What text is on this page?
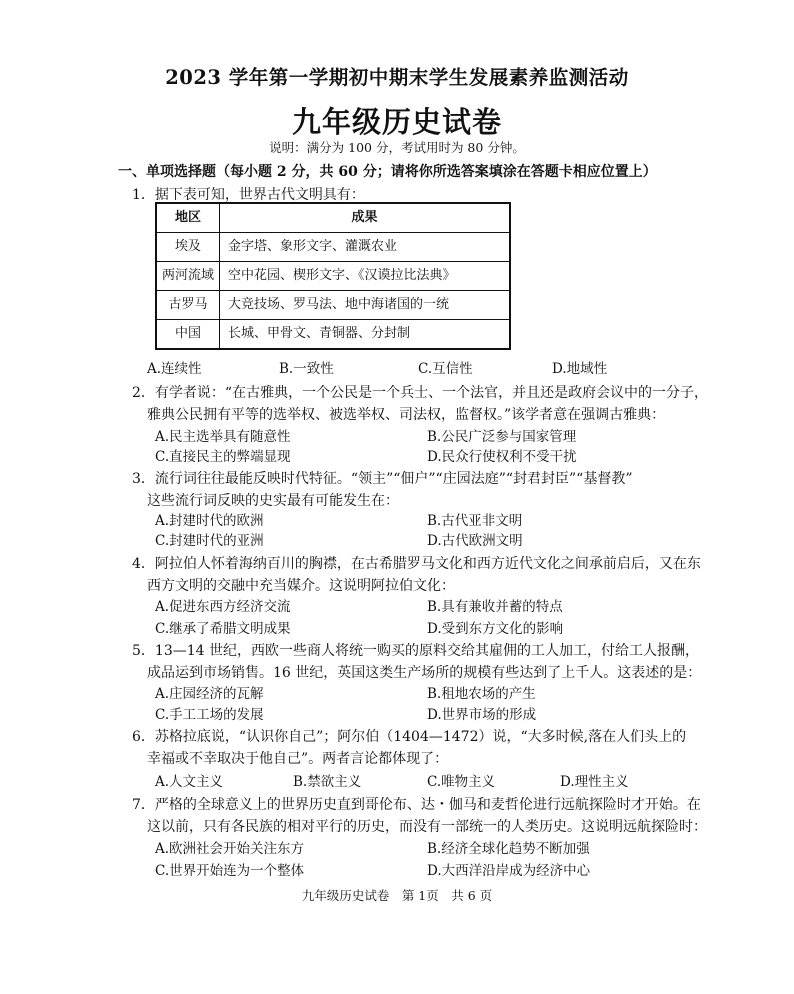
2023 学年第一学期初中期末学生发展素养监测活动
九年级历史试卷
说明：满分为 100 分，考试用时为 80 分钟。
一、单项选择题（每小题 2 分，共 60 分；请将你所选答案填涂在答题卡相应位置上）
1．据下表可知，世界古代文明具有：
地区	成果
埃及	金字塔、象形文字、灌溉农业
两河流域	空中花园、楔形文字、《汉谟拉比法典》
古罗马	大竞技场、罗马法、地中海诸国的一统
中国	长城、甲骨文、青铜器、分封制
A.连续性	B.一致性	C.互信性	D.地域性
2．有学者说：“在古雅典，一个公民是一个兵士、一个法官，并且还是政府会议中的一分子，
雅典公民拥有平等的选举权、被选举权、司法权，监督权。”该学者意在强调古雅典：
A.民主选举具有随意性	B.公民广泛参与国家管理
C.直接民主的弊端显现	D.民众行使权利不受干扰
3．流行词往往最能反映时代特征。“领主”“佃户”“庄园法庭”“封君封臣”“基督教”
这些流行词反映的史实最有可能发生在：
A.封建时代的欧洲	B.古代亚非文明
C.封建时代的亚洲	D.古代欧洲文明
4．阿拉伯人怀着海纳百川的胸襟，在古希腊罗马文化和西方近代文化之间承前启后，又在东
西方文明的交融中充当媒介。这说明阿拉伯文化：
A.促进东西方经济交流	B.具有兼收并蓄的特点
C.继承了希腊文明成果	D.受到东方文化的影响
5．13—14 世纪，西欧一些商人将统一购买的原料交给其雇佣的工人加工，付给工人报酬，
成品运到市场销售。16 世纪，英国这类生产场所的规模有些达到了上千人。这表述的是：
A.庄园经济的瓦解	B.租地农场的产生
C.手工工场的发展	D.世界市场的形成
6．苏格拉底说，“认识你自己”；阿尔伯（1404—1472）说，“大多时候,落在人们头上的
幸福或不幸取决于他自己”。两者言论都体现了：
A.人文主义	B.禁欲主义	C.唯物主义	D.理性主义
7．严格的全球意义上的世界历史直到哥伦布、达・伽马和麦哲伦进行远航探险时才开始。在
这以前，只有各民族的相对平行的历史，而没有一部统一的人类历史。这说明远航探险时：
A.欧洲社会开始关注东方	B.经济全球化趋势不断加强
C.世界开始连为一个整体	D.大西洋沿岸成为经济中心
九年级历史试卷　第 1页　共 6 页
